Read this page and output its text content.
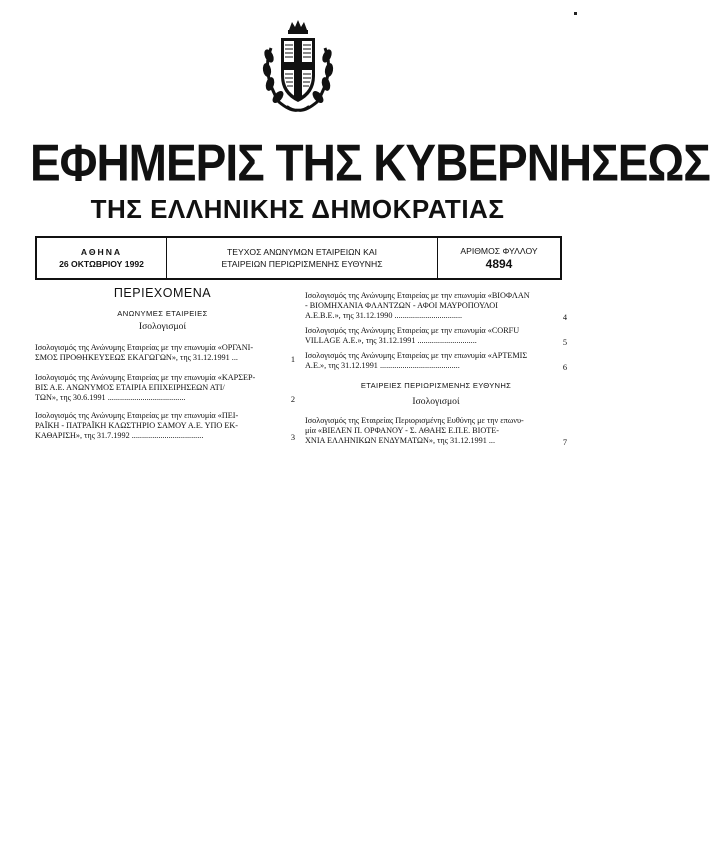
ΕΦΗΜΕΡΙΣ ΤΗΣ ΚΥΒΕΡΝΗΣΕΩΣ
ΤΗΣ ΕΛΛΗΝΙΚΗΣ ΔΗΜΟΚΡΑΤΙΑΣ
ΑΘΗΝΑ
26 ΟΚΤΩΒΡΙΟΥ 1992
ΤΕΥΧΟΣ ΑΝΩΝΥΜΩΝ ΕΤΑΙΡΕΙΩΝ ΚΑΙ
ΕΤΑΙΡΕΙΩΝ ΠΕΡΙΩΡΙΣΜΕΝΗΣ ΕΥΘΥΝΗΣ
ΑΡΙΘΜΟΣ ΦΥΛΛΟΥ
4894
ΠΕΡΙΕΧΟΜΕΝΑ
ΑΝΩΝΥΜΕΣ ΕΤΑΙΡΕΙΕΣ
Ισολογισμοί
Ισολογισμός της Ανώνυμης Εταιρείας με την επωνυμία «ΟΡΓΑΝΙ-
ΣΜΟΣ ΠΡΟΘΗΚΕΥΣΕΩΣ ΕΚΑΓΩΓΩΝ», της 31.12.1991 ...	1
Ισολογισμός της Ανώνυμης Εταιρείας με την επωνυμία «ΚΑΡΣΕΡ-
ΒΙΣ Α.Ε. ΑΝΩΝΥΜΟΣ ΕΤΑΙΡΙΑ ΕΠΙΧΕΙΡΗΣΕΩΝ ΑΤΙ/
ΤΩΝ», της 30.6.1991 ......................................	2
Ισολογισμός της Ανώνυμης Εταιρείας με την επωνυμία «ΠΕΙ-
ΡΑΪΚΗ - ΠΑΤΡΑΪΚΗ ΚΛΩΣΤΗΡΙΟ ΣΑΜΟΥ Α.Ε. ΥΠΟ ΕΚ-
ΚΑΘΑΡΙΣΗ», της 31.7.1992 ...................................	3
Ισολογισμός της Ανώνυμης Εταιρείας με την επωνυμία «ΒΙΟΦΛΑΝ
- ΒΙΟΜΗΧΑΝΙΑ ΦΛΑΝΤΖΩΝ - ΑΦΟΙ ΜΑΥΡΟΠΟΥΛΟΙ
Α.Ε.Β.Ε.», της 31.12.1990 .................................	4
Ισολογισμός της Ανώνυμης Εταιρείας με την επωνυμία «CORFU
VILLAGE Α.Ε.», της 31.12.1991 .............................	5
Ισολογισμός της Ανώνυμης Εταιρείας με την επωνυμία «ΑΡΤΕΜΙΣ
Α.Ε.», της 31.12.1991 .......................................	6
ΕΤΑΙΡΕΙΕΣ ΠΕΡΙΩΡΙΣΜΕΝΗΣ ΕΥΘΥΝΗΣ
Ισολογισμοί
Ισολογισμός της Εταιρείας Περιορισμένης Ευθύνης με την επωνυ-
μία «ΒΙΕΛΕΝ Π. ΟΡΦΑΝΟΥ - Σ. ΑΘΑΗΣ Ε.Π.Ε. ΒΙΟΤΕ-
ΧΝΙΑ ΕΛΛΗΝΙΚΩΝ ΕΝΔΥΜΑΤΩΝ», της 31.12.1991 ...	7
